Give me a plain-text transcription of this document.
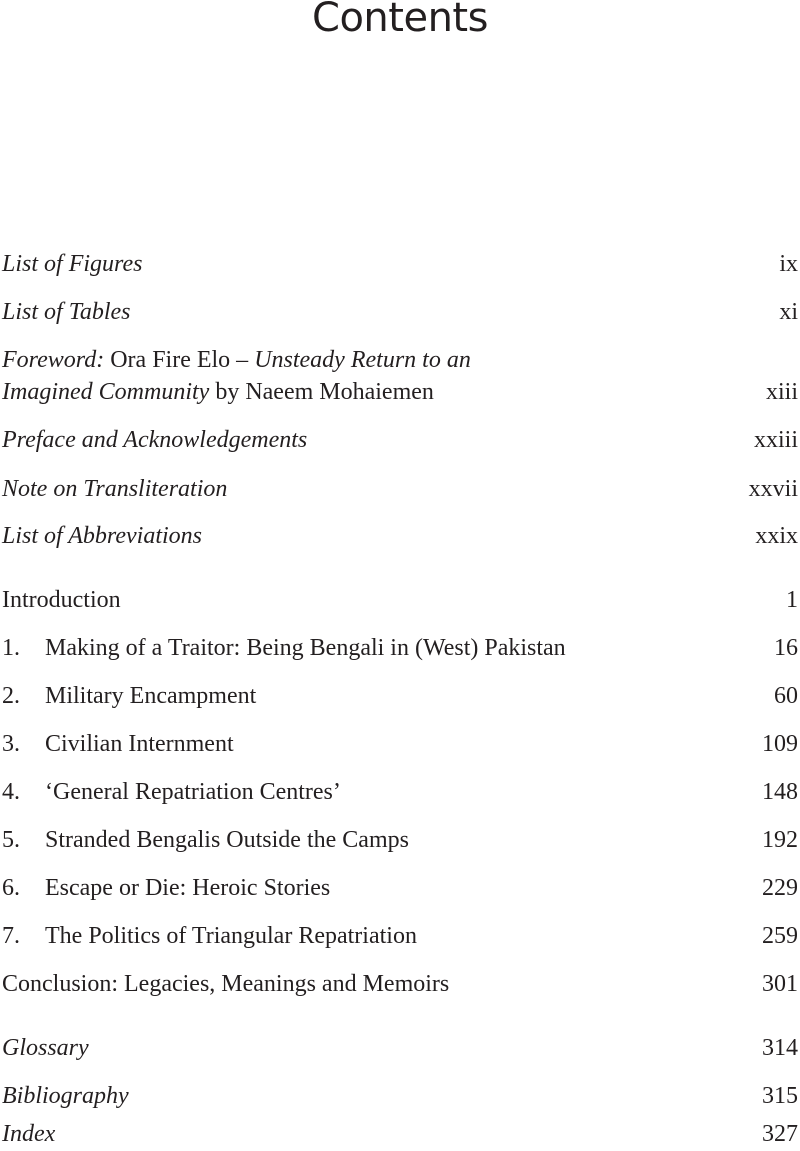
Contents
List of Figures	ix
List of Tables	xi
Foreword: Ora Fire Elo – Unsteady Return to an
Imagined Community by Naeem Mohaiemen	xiii
Preface and Acknowledgements	xxiii
Note on Transliteration	xxvii
List of Abbreviations	xxix
Introduction	1
1. Making of a Traitor: Being Bengali in (West) Pakistan	16
2. Military Encampment	60
3. Civilian Internment	109
4. ‘General Repatriation Centres’	148
5. Stranded Bengalis Outside the Camps	192
6. Escape or Die: Heroic Stories	229
7. The Politics of Triangular Repatriation	259
Conclusion: Legacies, Meanings and Memoirs	301
Glossary	314
Bibliography	315
Index	327
